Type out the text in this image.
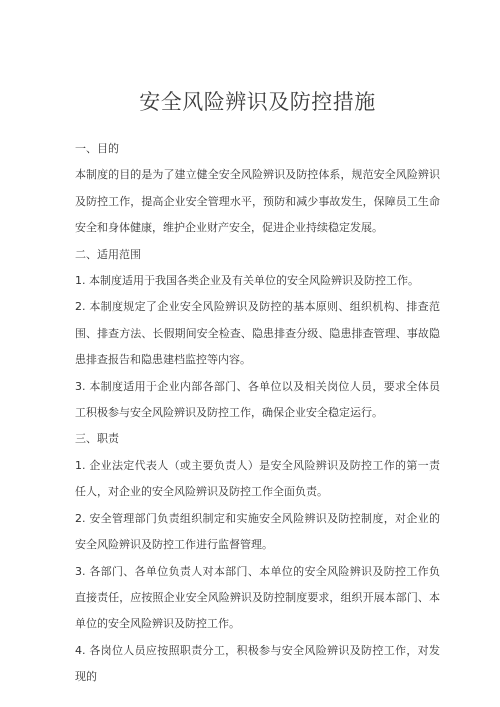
安全风险辨识及防控措施

一、目的

本制度的目的是为了建立健全安全风险辨识及防控体系，规范安全风险辨识及防控工作，提高企业安全管理水平，预防和减少事故发生，保障员工生命安全和身体健康，维护企业财产安全，促进企业持续稳定发展。

二、适用范围

1. 本制度适用于我国各类企业及有关单位的安全风险辨识及防控工作。

2. 本制度规定了企业安全风险辨识及防控的基本原则、组织机构、排查范围、排查方法、长假期间安全检查、隐患排查分级、隐患排查管理、事故隐患排查报告和隐患建档监控等内容。

3. 本制度适用于企业内部各部门、各单位以及相关岗位人员，要求全体员工积极参与安全风险辨识及防控工作，确保企业安全稳定运行。

三、职责

1. 企业法定代表人（或主要负责人）是安全风险辨识及防控工作的第一责任人，对企业的安全风险辨识及防控工作全面负责。

2. 安全管理部门负责组织制定和实施安全风险辨识及防控制度，对企业的安全风险辨识及防控工作进行监督管理。

3. 各部门、各单位负责人对本部门、本单位的安全风险辨识及防控工作负直接责任，应按照企业安全风险辨识及防控制度要求，组织开展本部门、本单位的安全风险辨识及防控工作。

4. 各岗位人员应按照职责分工，积极参与安全风险辨识及防控工作，对发现的
